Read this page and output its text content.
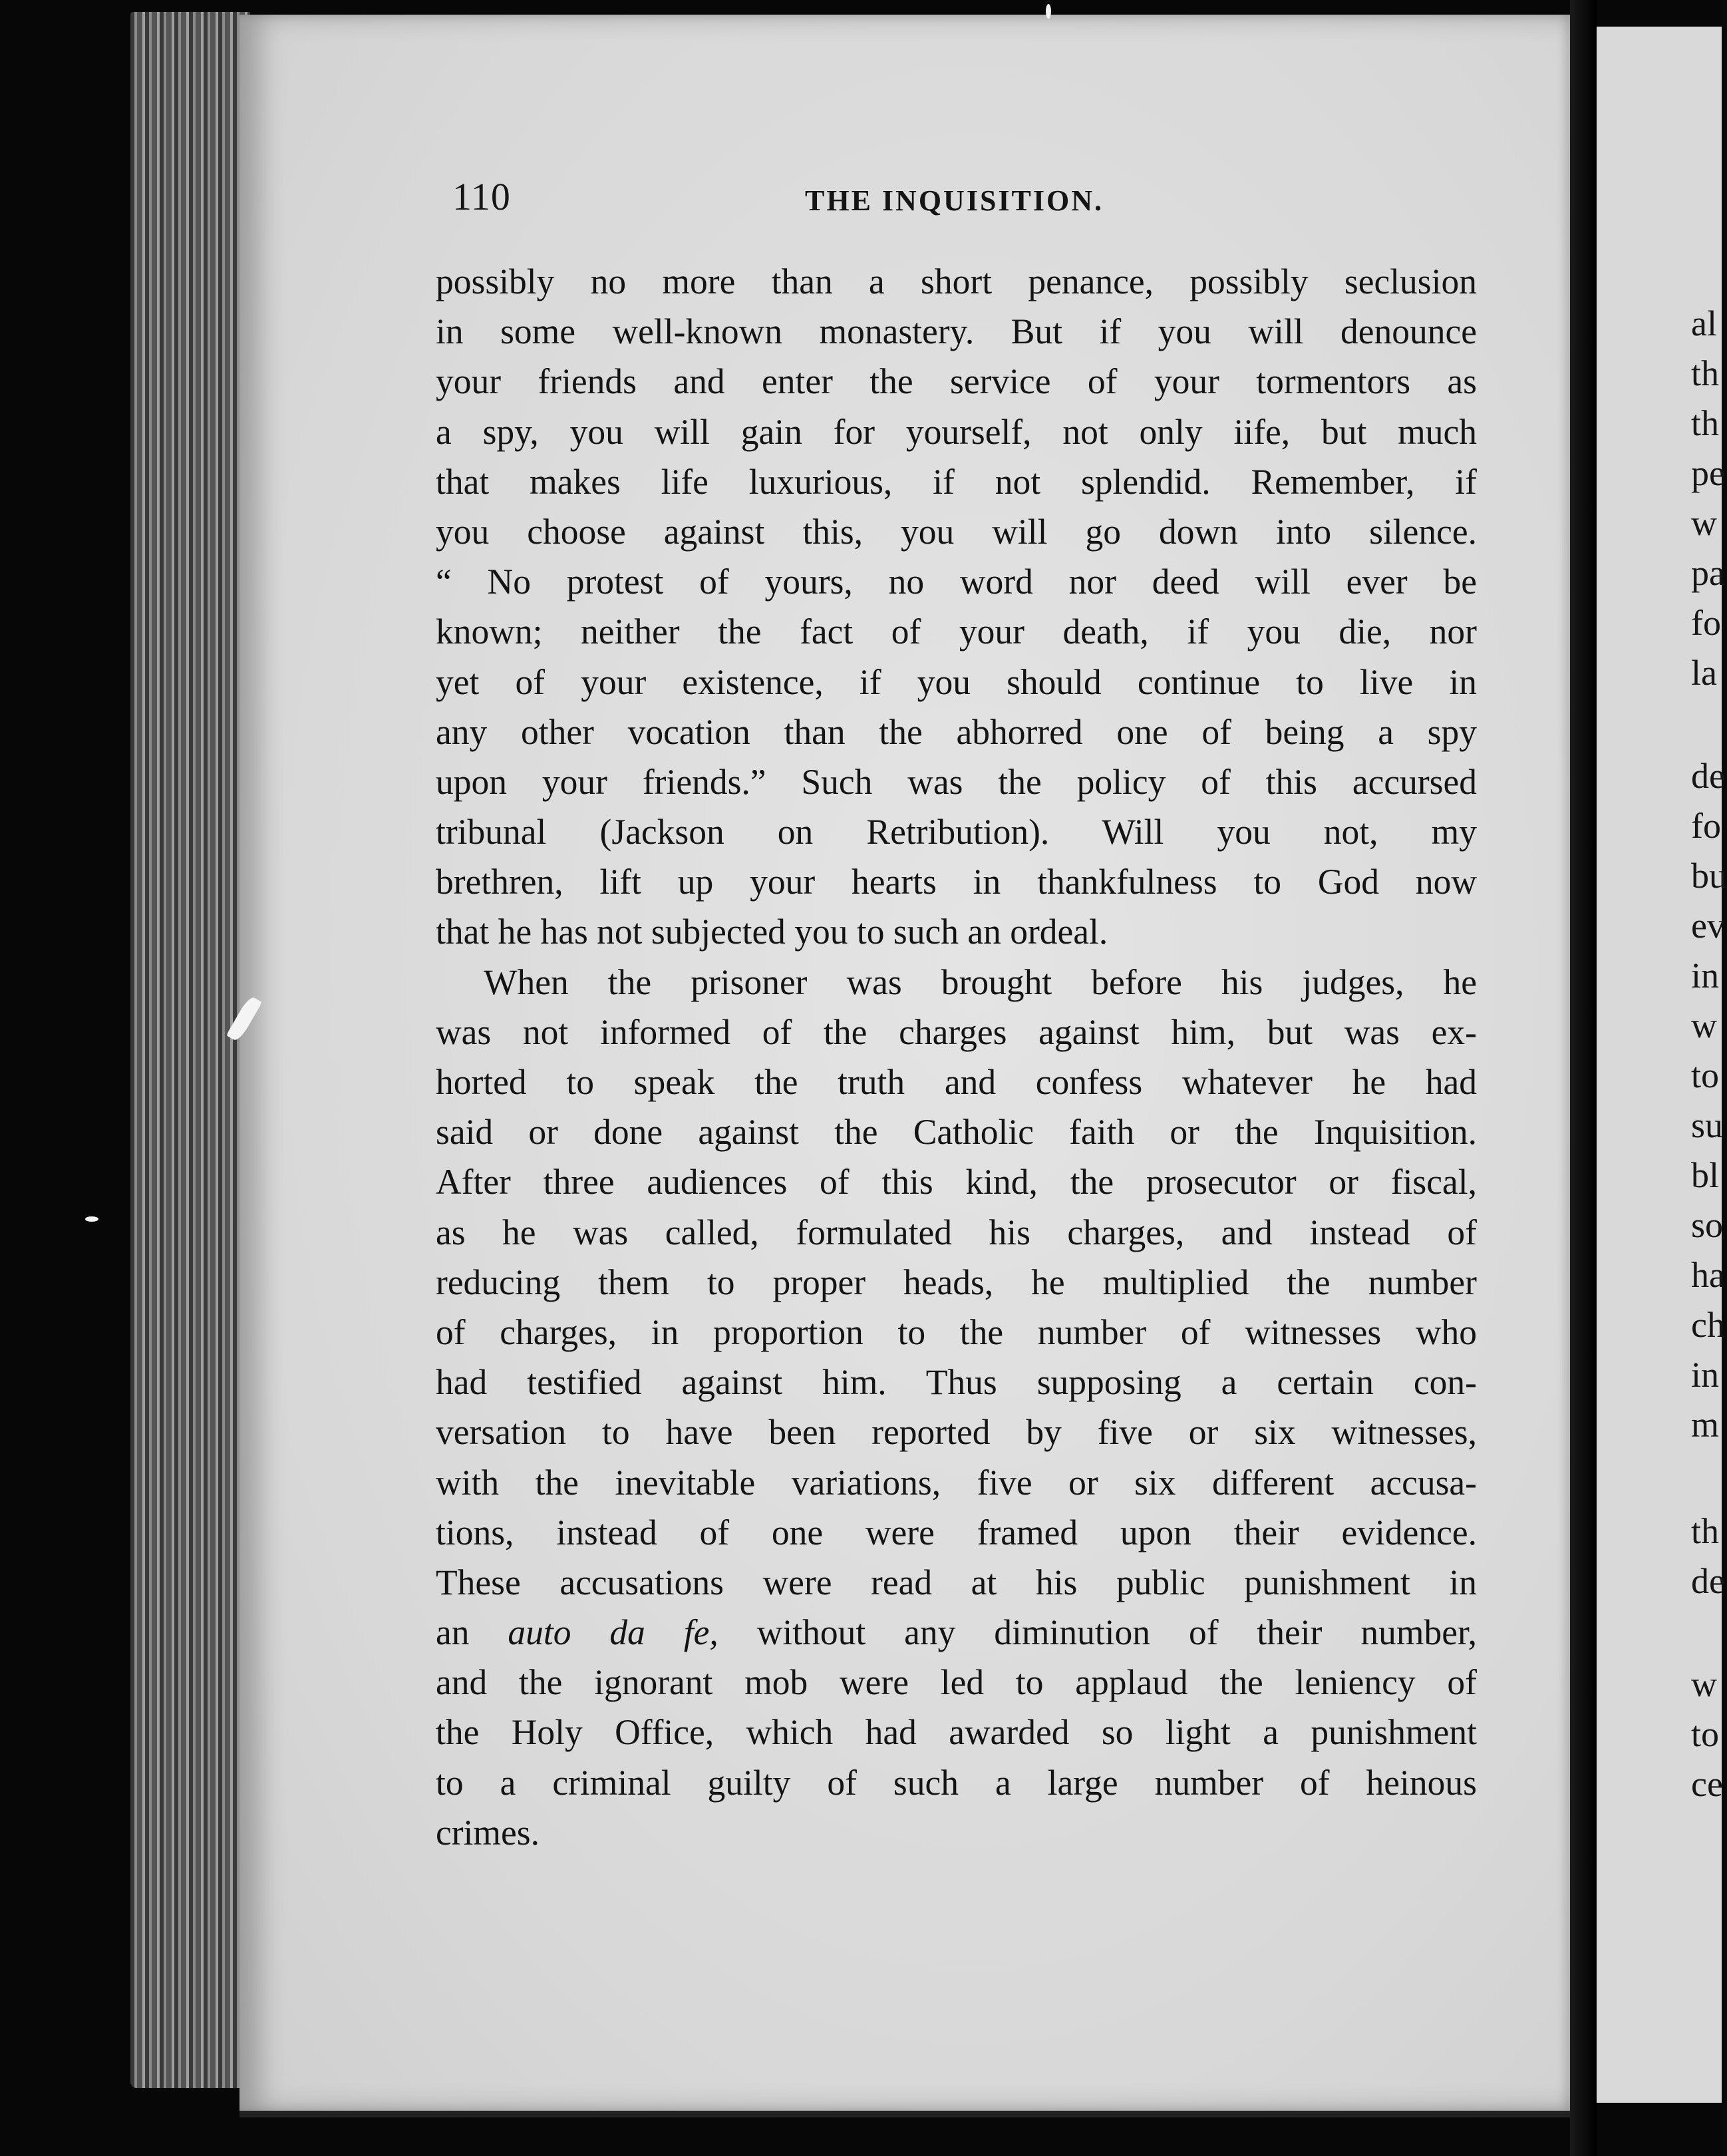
al
th
th
pe
w
pa
fo
la
de
fo
bu
ev
in
w
to
su
bl
so
ha
ch
in
m
th
de
w
to
ce
110	THE INQUISITION.
possibly no more than a short penance, possibly seclusion
in some well-known monastery. But if you will denounce
your friends and enter the service of your tormentors as
a spy, you will gain for yourself, not only iife, but much
that makes life luxurious, if not splendid. Remember, if
you choose against this, you will go down into silence.
“ No protest of yours, no word nor deed will ever be
known; neither the fact of your death, if you die, nor
yet of your existence, if you should continue to live in
any other vocation than the abhorred one of being a spy
upon your friends.” Such was the policy of this accursed
tribunal (Jackson on Retribution). Will you not, my
brethren, lift up your hearts in thankfulness to God now
that he has not subjected you to such an ordeal.
When the prisoner was brought before his judges, he
was not informed of the charges against him, but was ex-
horted to speak the truth and confess whatever he had
said or done against the Catholic faith or the Inquisition.
After three audiences of this kind, the prosecutor or fiscal,
as he was called, formulated his charges, and instead of
reducing them to proper heads, he multiplied the number
of charges, in proportion to the number of witnesses who
had testified against him. Thus supposing a certain con-
versation to have been reported by five or six witnesses,
with the inevitable variations, five or six different accusa-
tions, instead of one were framed upon their evidence.
These accusations were read at his public punishment in
an auto da fe, without any diminution of their number,
and the ignorant mob were led to applaud the leniency of
the Holy Office, which had awarded so light a punishment
to a criminal guilty of such a large number of heinous
crimes.
